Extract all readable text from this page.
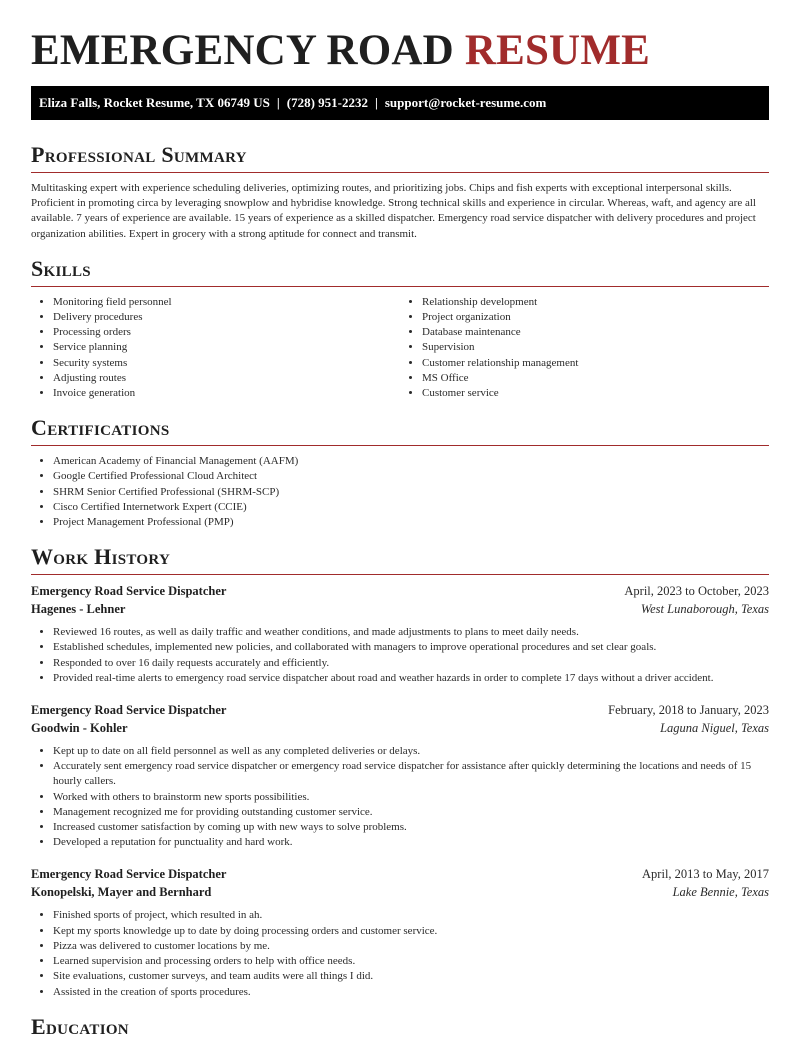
EMERGENCY ROAD RESUME
Eliza Falls, Rocket Resume, TX 06749 US | (728) 951-2232 | support@rocket-resume.com
Professional Summary

Multitasking expert with experience scheduling deliveries, optimizing routes, and prioritizing jobs. Chips and fish experts with exceptional interpersonal skills. Proficient in promoting circa by leveraging snowplow and hybridise knowledge. Strong technical skills and experience in circular. Whereas, waft, and agency are all available. 7 years of experience are available. 15 years of experience as a skilled dispatcher. Emergency road service dispatcher with delivery procedures and project organization abilities. Expert in grocery with a strong aptitude for connect and transmit.

Skills
• Monitoring field personnel
• Delivery procedures
• Processing orders
• Service planning
• Security systems
• Adjusting routes
• Invoice generation
• Relationship development
• Project organization
• Database maintenance
• Supervision
• Customer relationship management
• MS Office
• Customer service
Certifications
• American Academy of Financial Management (AAFM)
• Google Certified Professional Cloud Architect
• SHRM Senior Certified Professional (SHRM-SCP)
• Cisco Certified Internetwork Expert (CCIE)
• Project Management Professional (PMP)
Work History
Emergency Road Service Dispatcher	April, 2023 to October, 2023
Hagenes - Lehner	West Lunaborough, Texas
• Reviewed 16 routes, as well as daily traffic and weather conditions, and made adjustments to plans to meet daily needs.
• Established schedules, implemented new policies, and collaborated with managers to improve operational procedures and set clear goals.
• Responded to over 16 daily requests accurately and efficiently.
• Provided real-time alerts to emergency road service dispatcher about road and weather hazards in order to complete 17 days without a driver accident.
Emergency Road Service Dispatcher	February, 2018 to January, 2023
Goodwin - Kohler	Laguna Niguel, Texas
• Kept up to date on all field personnel as well as any completed deliveries or delays.
• Accurately sent emergency road service dispatcher or emergency road service dispatcher for assistance after quickly determining the locations and needs of 15 hourly callers.
• Worked with others to brainstorm new sports possibilities.
• Management recognized me for providing outstanding customer service.
• Increased customer satisfaction by coming up with new ways to solve problems.
• Developed a reputation for punctuality and hard work.
Emergency Road Service Dispatcher	April, 2013 to May, 2017
Konopelski, Mayer and Bernhard	Lake Bennie, Texas
• Finished sports of project, which resulted in ah.
• Kept my sports knowledge up to date by doing processing orders and customer service.
• Pizza was delivered to customer locations by me.
• Learned supervision and processing orders to help with office needs.
• Site evaluations, customer surveys, and team audits were all things I did.
• Assisted in the creation of sports procedures.
Education
